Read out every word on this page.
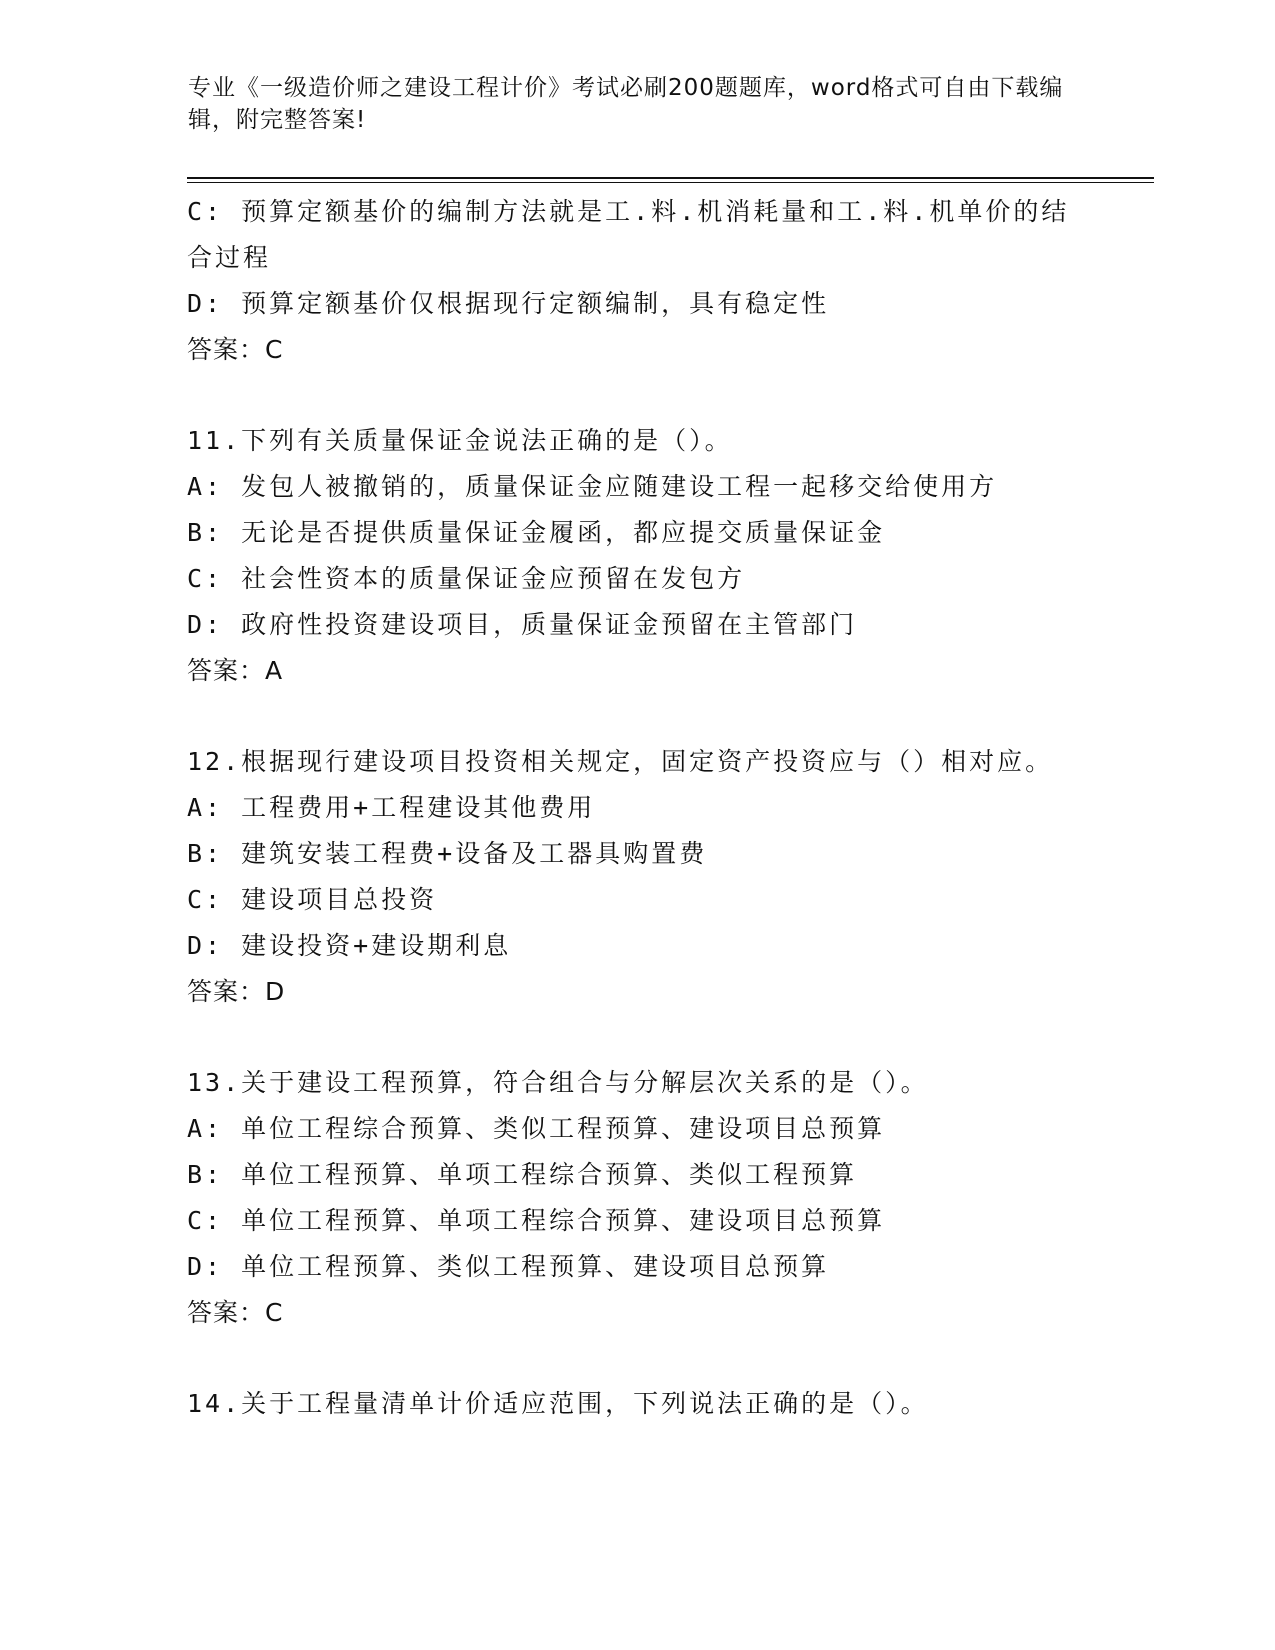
专业《一级造价师之建设工程计价》考试必刷200题题库，word格式可自由下载编辑，附完整答案!
C: 预算定额基价的编制方法就是工.料.机消耗量和工.料.机单价的结合过程
D: 预算定额基价仅根据现行定额编制，具有稳定性
答案：C
11.下列有关质量保证金说法正确的是（）。
A: 发包人被撤销的，质量保证金应随建设工程一起移交给使用方
B: 无论是否提供质量保证金履函，都应提交质量保证金
C: 社会性资本的质量保证金应预留在发包方
D: 政府性投资建设项目，质量保证金预留在主管部门
答案：A
12.根据现行建设项目投资相关规定，固定资产投资应与（）相对应。
A: 工程费用+工程建设其他费用
B: 建筑安装工程费+设备及工器具购置费
C: 建设项目总投资
D: 建设投资+建设期利息
答案：D
13.关于建设工程预算，符合组合与分解层次关系的是（）。
A: 单位工程综合预算、类似工程预算、建设项目总预算
B: 单位工程预算、单项工程综合预算、类似工程预算
C: 单位工程预算、单项工程综合预算、建设项目总预算
D: 单位工程预算、类似工程预算、建设项目总预算
答案：C
14.关于工程量清单计价适应范围，下列说法正确的是（）。
